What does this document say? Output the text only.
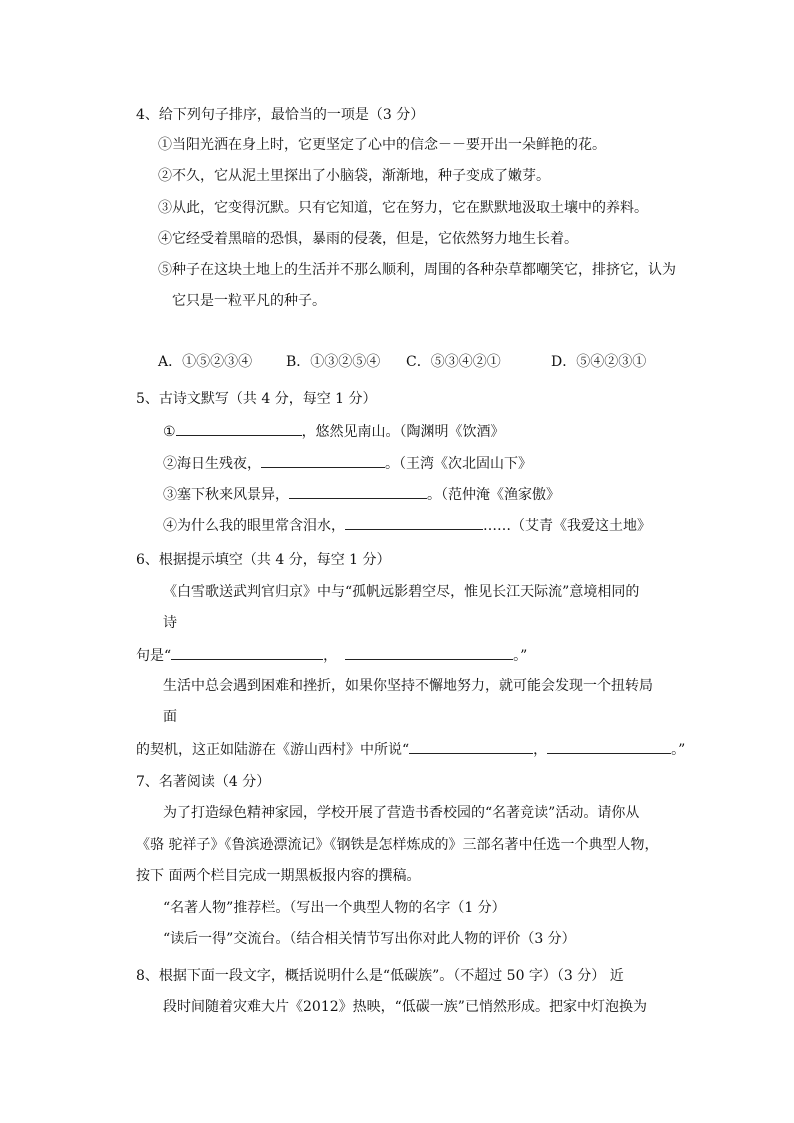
4、给下列句子排序，最恰当的一项是（3 分）
①当阳光洒在身上时，它更坚定了心中的信念－－要开出一朵鲜艳的花。
②不久，它从泥土里探出了小脑袋，渐渐地，种子变成了嫩芽。
③从此，它变得沉默。只有它知道，它在努力，它在默默地汲取土壤中的养料。
④它经受着黑暗的恐惧，暴雨的侵袭，但是，它依然努力地生长着。
⑤种子在这块土地上的生活并不那么顺利，周围的各种杂草都嘲笑它，排挤它，认为
它只是一粒平凡的种子。
A．①⑤②③④ B．①③②⑤④ C．⑤③④②①	D．⑤④②③①
5、古诗文默写（共 4 分，每空 1 分）
①	，悠然见南山。（陶渊明《饮酒》
②海日生残夜，	。（王湾《次北固山下》
③塞下秋来风景异，	。（范仲淹《渔家傲》
④为什么我的眼里常含泪水，	……（艾青《我爱这土地》
6、根据提示填空（共 4 分，每空 1 分）
《白雪歌送武判官归京》中与“孤帆远影碧空尽，惟见长江天际流”意境相同的
诗
句是“	，	。”
生活中总会遇到困难和挫折，如果你坚持不懈地努力，就可能会发现一个扭转局
面
的契机，这正如陆游在《游山西村》中所说“	，	。”
7、名著阅读（4 分）
为了打造绿色精神家园，学校开展了营造书香校园的“名著竞读”活动。请你从
《骆 驼祥子》《鲁滨逊漂流记》《钢铁是怎样炼成的》三部名著中任选一个典型人物，
按下 面两个栏目完成一期黑板报内容的撰稿。
“名著人物”推荐栏。（写出一个典型人物的名字（1 分）
“读后一得”交流台。（结合相关情节写出你对此人物的评价（3 分）
8、根据下面一段文字，概括说明什么是“低碳族”。（不超过 50 字）（3 分） 近
段时间随着灾难大片《2012》热映，“低碳一族”已悄然形成。把家中灯泡换为
